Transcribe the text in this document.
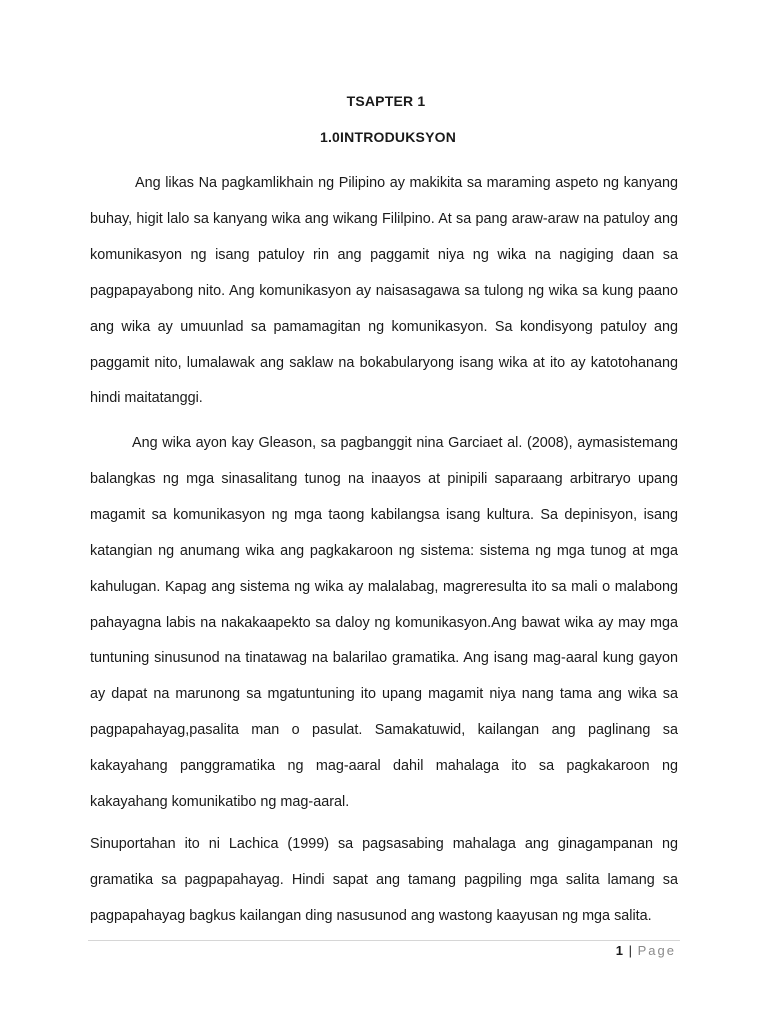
TSAPTER 1
1.0INTRODUKSYON

Ang likas Na pagkamlikhain ng Pilipino ay makikita sa maraming aspeto ng kanyang buhay, higit lalo sa kanyang wika ang wikang Fililpino. At sa pang araw-araw na patuloy ang komunikasyon ng isang patuloy rin ang paggamit niya ng wika na nagiging daan sa pagpapayabong nito. Ang komunikasyon ay naisasagawa sa tulong ng wika sa kung paano ang wika ay umuunlad sa pamamagitan ng komunikasyon. Sa kondisyong patuloy ang paggamit nito, lumalawak ang saklaw na bokabularyong isang wika at ito ay katotohanang hindi maitatanggi.

Ang wika ayon kay Gleason, sa pagbanggit nina Garciaet al. (2008), aymasistemang balangkas ng mga sinasalitang tunog na inaayos at pinipili saparaang arbitraryo upang magamit sa komunikasyon ng mga taong kabilangsa isang kultura. Sa depinisyon, isang katangian ng anumang wika ang pagkakaroon ng sistema: sistema ng mga tunog at mga kahulugan. Kapag ang sistema ng wika ay malalabag, magreresulta ito sa mali o malabong pahayagna labis na nakakaapekto sa daloy ng komunikasyon.Ang bawat wika ay may mga tuntuning sinusunod na tinatawag na balarilao gramatika. Ang isang mag-aaral kung gayon ay dapat na marunong sa mgatuntuning ito upang magamit niya nang tama ang wika sa pagpapahayag,pasalita man o pasulat. Samakatuwid, kailangan ang paglinang sa kakayahang panggramatika ng mag-aaral dahil mahalaga ito sa pagkakaroon ng kakayahang komunikatibo ng mag-aaral.

Sinuportahan ito ni Lachica (1999) sa pagsasabing mahalaga ang ginagampanan ng gramatika sa pagpapahayag. Hindi sapat ang tamang pagpiling mga salita lamang sa pagpapahayag bagkus kailangan ding nasusunod ang wastong kaayusan ng mga salita.

1 | Page
